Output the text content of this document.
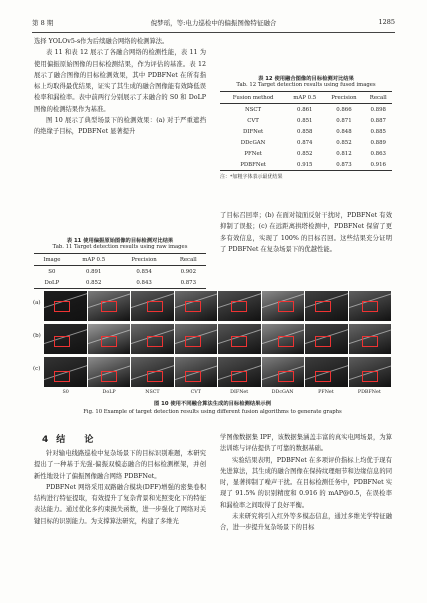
第 8 期	倪梦瑶，等:电力巡检中的偏振图像特征融合	1285

选择 YOLOv5-s作为后续融合网络的检测算法。

表 11 和表 12 展示了各融合网络的检测性能，表 11 为使用偏振原始图像的目标检测结果，作为评估的基准。表 12 展示了融合图像的目标检测效果，其中 PDBFNet 在所有指标上均取得最优结果，证实了其生成的融合图像能有效降低误检率和漏检率。表中前两行分别展示了未融合的 S0 和 DoLP 图像的检测结果作为基准。

图 10 展示了典型场景下的检测效果：(a) 对于严重遮挡的绝缘子目标，PDBFNet 显著提升

表 11 使用偏振原始图像的目标检测对比结果

Tab. 11 Target detection results using raw images

Image	mAP 0.5	Precision	Recall
S0	0.891	0.854	0.902
DoLP	0.852	0.843	0.873

表 12 使用融合图像的目标检测对比结果

Tab. 12 Target detection results using fused images

Fusion method	mAP 0.5	Precision	Recall
NSCT	0.861	0.866	0.898
CVT	0.851	0.871	0.887
DIFNet	0.858	0.848	0.885
DDcGAN	0.874	0.852	0.889
PFNet	0.852	0.812	0.863
PDBFNet	0.915	0.873	0.916
注：*加粗字体表示最优结果

了目标召回率；(b) 在面对镜面反射干扰时，PDBFNet 有效抑制了误报；(c) 在远距离拱塔检测中，PDBFNet 保留了更多有效信息，实现了 100% 的目标召回。这些结果充分证明了 PDBFNet 在复杂场景下的优越性能。

(a)
(b)
(c)
S0	DoLP	NSCT	CVT	DIFNet	DDcGAN	PFNet	PDBFNet

图 10 使用不同融合算法生成的目标检测结果示例

Fig. 10 Example of target detection results using different fusion algorithms to generate graphs

4结 论

针对输电线路巡检中复杂场景下的目标识别难题，本研究提出了一种基于光强-偏振双模态融合的目标检测框架，并创新性地设计了偏振图像融合网络 PDBFNet。

PDBFNet 网络采用双路融合模块(DFF)增强的密集卷积结构进行特征提取，有效提升了复杂背景和光照变化下的特征表达能力。通过优化多约束损失函数，进一步强化了网络对关键目标的识别能力。为支撑算法研究，构建了多维光

学图像数据集 IPF，该数据集涵盖丰富的真实电网场景，为算法训练与评估提供了可靠的数据基础。

实验结果表明，PDBFNet 在多项评价指标上均优于现有先进算法，其生成的融合图像在保持纹理细节和边缘信息的同时，显著抑制了噪声干扰。在目标检测任务中，PDBFNet 实现了 91.5% 的识别精度和 0.916 的 mAP@0.5，在误检率和漏检率之间取得了良好平衡。

未来研究将引入红外等多模态信息，通过多维光学特征融合，进一步提升复杂场景下的目标
